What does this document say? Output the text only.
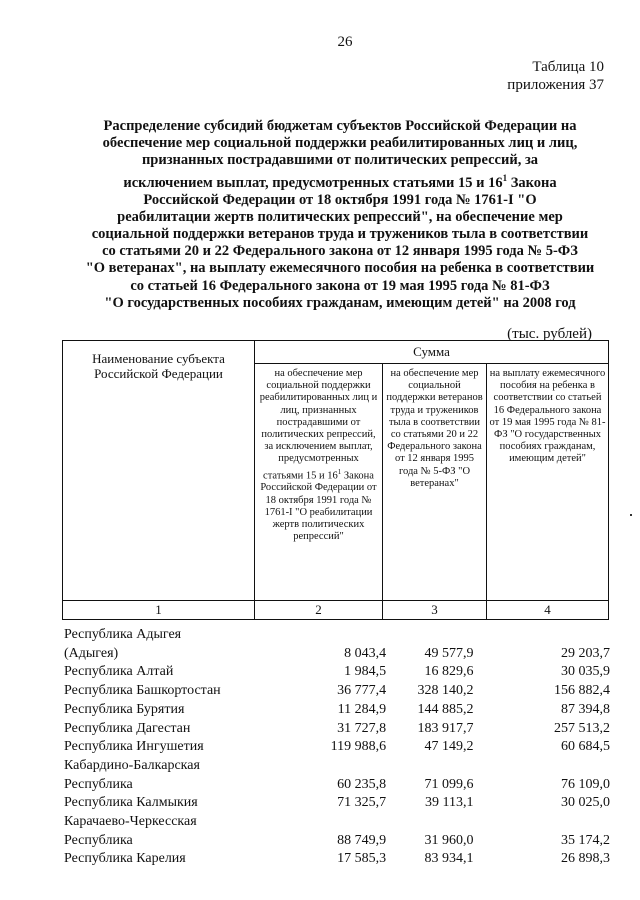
26
Таблица 10
приложения 37
Распределение субсидий бюджетам субъектов Российской Федерации на
обеспечение мер социальной поддержки реабилитированных лиц и лиц,
признанных пострадавшими от политических репрессий, за
исключением выплат, предусмотренных статьями 15 и $16^1$ Закона
Российской Федерации от 18 октября 1991 года № 1761-I "О
реабилитации жертв политических репрессий", на обеспечение мер
социальной поддержки ветеранов труда и тружеников тыла в соответствии
со статьями 20 и 22 Федерального закона от 12 января 1995 года № 5-ФЗ
"О ветеранах", на выплату ежемесячного пособия на ребенка в соответствии
со статьей 16 Федерального закона от 19 мая 1995 года № 81-ФЗ
"О государственных пособиях гражданам, имеющим детей" на 2008 год
(тыс. рублей)
Наименование субъекта Российской Федерации	Сумма		
	на обеспечение мер социальной поддержки реабилитированных лиц и лиц, признанных пострадавшими от политических репрессий, за исключением выплат, предусмотренных статьями 15 и $16^1$ Закона Российской Федерации от 18 октября 1991 года № 1761-I "О реабилитации жертв политических репрессий"	на обеспечение мер социальной поддержки ветеранов труда и тружеников тыла в соответствии со статьями 20 и 22 Федерального закона от 12 января 1995 года № 5-ФЗ "О ветеранах"	на выплату ежемесячного пособия на ребенка в соответствии со статьей 16 Федерального закона от 19 мая 1995 года № 81-ФЗ "О государственных пособиях гражданам, имеющим детей"
1	2	3	4
Республика Адыгея
(Адыгея)	8 043,4	49 577,9	29 203,7
Республика Алтай	1 984,5	16 829,6	30 035,9
Республика Башкортостан	36 777,4	328 140,2	156 882,4
Республика Бурятия	11 284,9	144 885,2	87 394,8
Республика Дагестан	31 727,8	183 917,7	257 513,2
Республика Ингушетия	119 988,6	47 149,2	60 684,5
Кабардино-Балкарская
Республика	60 235,8	71 099,6	76 109,0
Республика Калмыкия	71 325,7	39 113,1	30 025,0
Карачаево-Черкесская
Республика	88 749,9	31 960,0	35 174,2
Республика Карелия	17 585,3	83 934,1	26 898,3
